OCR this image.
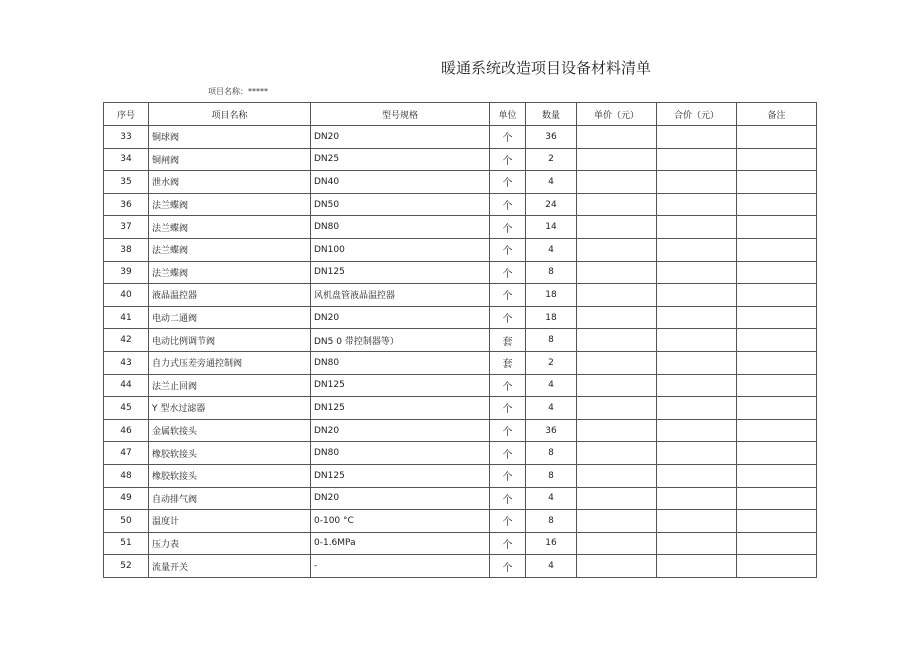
暖通系统改造项目设备材料清单
项目名称：*****
序号	项目名称	型号规格	单位	数量	单价（元）	合价（元）	备注
33	铜球阀	DN20	个	36			
34	铜闸阀	DN25	个	2			
35	泄水阀	DN40	个	4			
36	法兰蝶阀	DN50	个	24			
37	法兰蝶阀	DN80	个	14			
38	法兰蝶阀	DN100	个	4			
39	法兰蝶阀	DN125	个	8			
40	液晶温控器	风机盘管液晶温控器	个	18			
41	电动二通阀	DN20	个	18			
42	电动比例调节阀	DN5 0 带控制器等）	套	8			
43	自力式压差旁通控制阀	DN80	套	2			
44	法兰止回阀	DN125	个	4			
45	Y 型水过滤器	DN125	个	4			
46	金属软接头	DN20	个	36			
47	橡胶软接头	DN80	个	8			
48	橡胶软接头	DN125	个	8			
49	自动排气阀	DN20	个	4			
50	温度计	0-100 °C	个	8			
51	压力表	0-1.6MPa	个	16			
52	流量开关	-	个	4			
